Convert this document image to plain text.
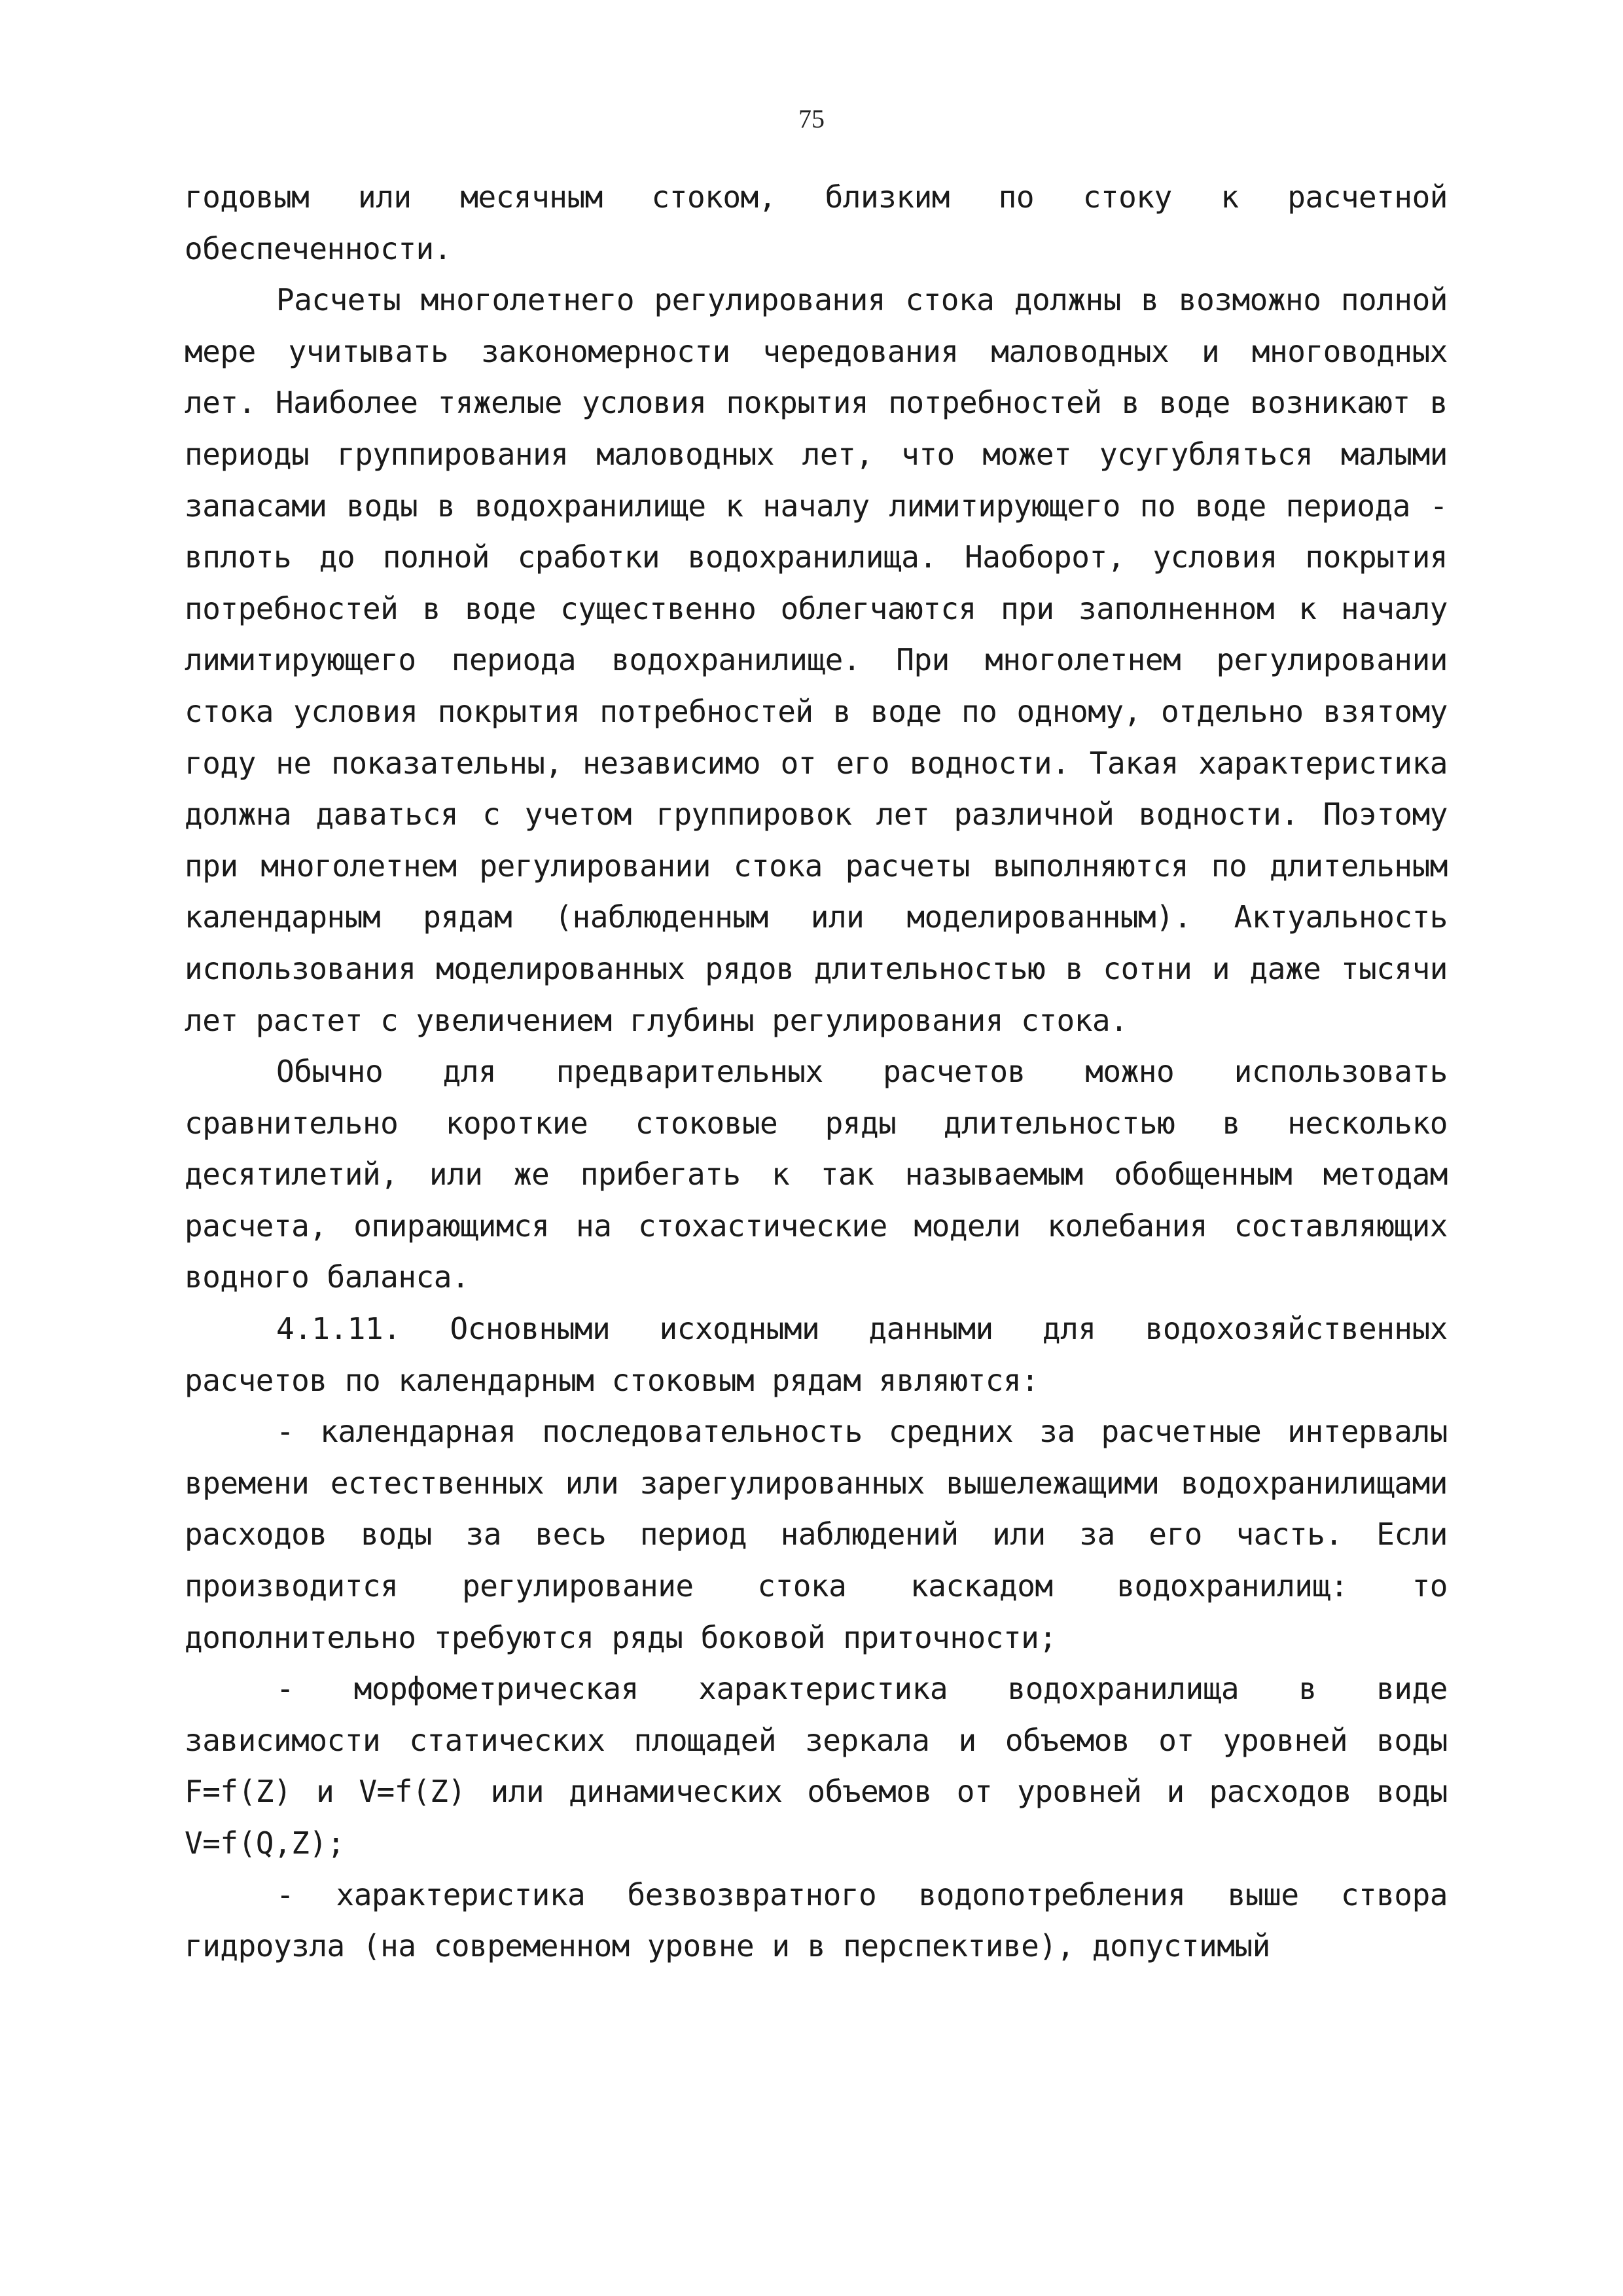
75

годовым или месячным стоком, близким по стоку к расчетной обеспеченности.

Расчеты многолетнего регулирования стока должны в возможно полной мере учитывать закономерности чередования маловодных и многоводных лет. Наиболее тяжелые условия покрытия потребностей в воде возникают в периоды группирования маловодных лет, что может усугубляться малыми запасами воды в водохранилище к началу лимитирующего по воде периода - вплоть до полной сработки водохранилища. Наоборот, условия покрытия потребностей в воде существенно облегчаются при заполненном к началу лимитирующего периода водохранилище. При многолетнем регулировании стока условия покрытия потребностей в воде по одному, отдельно взятому году не показательны, независимо от его водности. Такая характеристика должна даваться с учетом группировок лет различной водности. Поэтому при многолетнем регулировании стока расчеты выполняются по длительным календарным рядам (наблюденным или моделированным). Актуальность использования моделированных рядов длительностью в сотни и даже тысячи лет растет с увеличением глубины регулирования стока.

Обычно для предварительных расчетов можно использовать сравнительно короткие стоковые ряды длительностью в несколько десятилетий, или же прибегать к так называемым обобщенным методам расчета, опирающимся на стохастические модели колебания составляющих водного баланса.

4.1.11. Основными исходными данными для водохозяйственных расчетов по календарным стоковым рядам являются:

- календарная последовательность средних за расчетные интервалы времени естественных или зарегулированных вышележащими водохранилищами расходов воды за весь период наблюдений или за его часть. Если производится регулирование стока каскадом водохранилищ: то дополнительно требуются ряды боковой приточности;

- морфометрическая характеристика водохранилища в виде зависимости статических площадей зеркала и объемов от уровней воды F=f(Z) и V=f(Z) или динамических объемов от уровней и расходов воды V=f(Q,Z);

- характеристика безвозвратного водопотребления выше створа гидроузла (на современном уровне и в перспективе), допустимый
